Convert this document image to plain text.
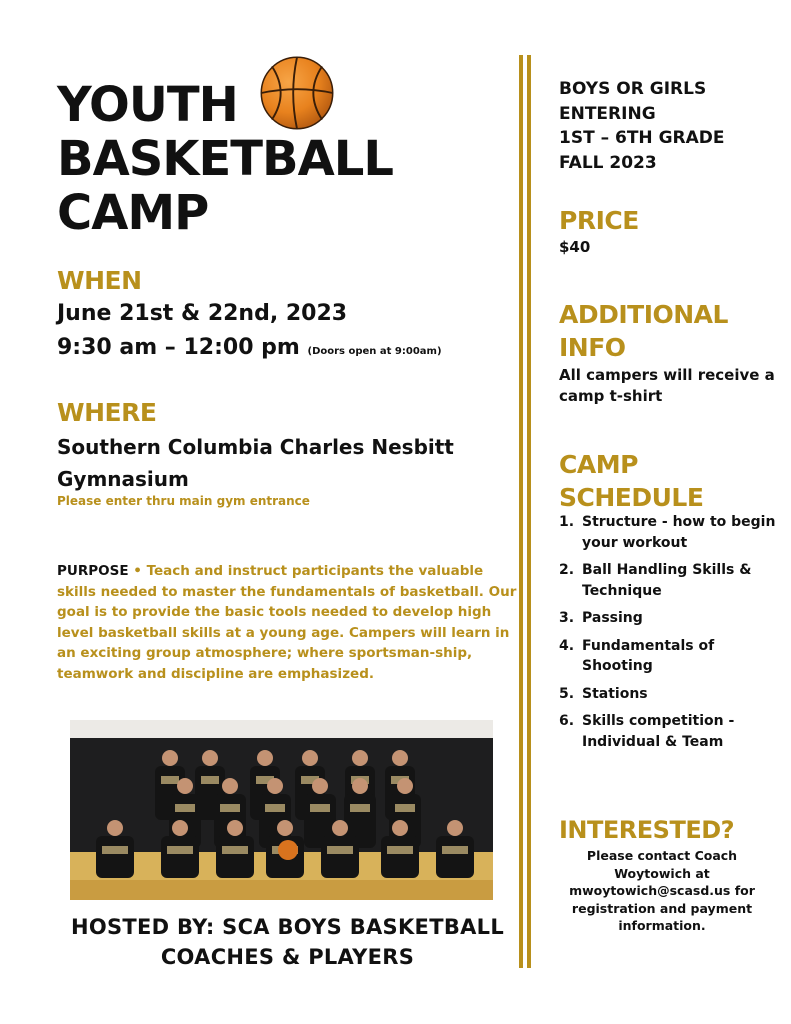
YOUTH
BASKETBALL
CAMP
WHEN
June 21st & 22nd, 2023
9:30 am – 12:00 pm (Doors open at 9:00am)
WHERE
Southern Columbia Charles Nesbitt Gymnasium
Please enter thru main gym entrance
PURPOSE • Teach and instruct participants the valuable skills needed to master the fundamentals of basketball. Our goal is to provide the basic tools needed to develop high level basketball skills at a young age. Campers will learn in an exciting group atmosphere; where sportsman-ship, teamwork and discipline are emphasized.
HOSTED BY: SCA BOYS BASKETBALL
COACHES & PLAYERS
BOYS OR GIRLS
ENTERING
1ST – 6TH GRADE
FALL 2023
PRICE
$40
ADDITIONAL
INFO
All campers will receive a camp t-shirt
CAMP
SCHEDULE
1. Structure - how to begin your workout
2. Ball Handling Skills & Technique
3. Passing
4. Fundamentals of Shooting
5. Stations
6. Skills competition - Individual & Team
INTERESTED?
Please contact Coach Woytowich at mwoytowich@scasd.us for registration and payment information.
